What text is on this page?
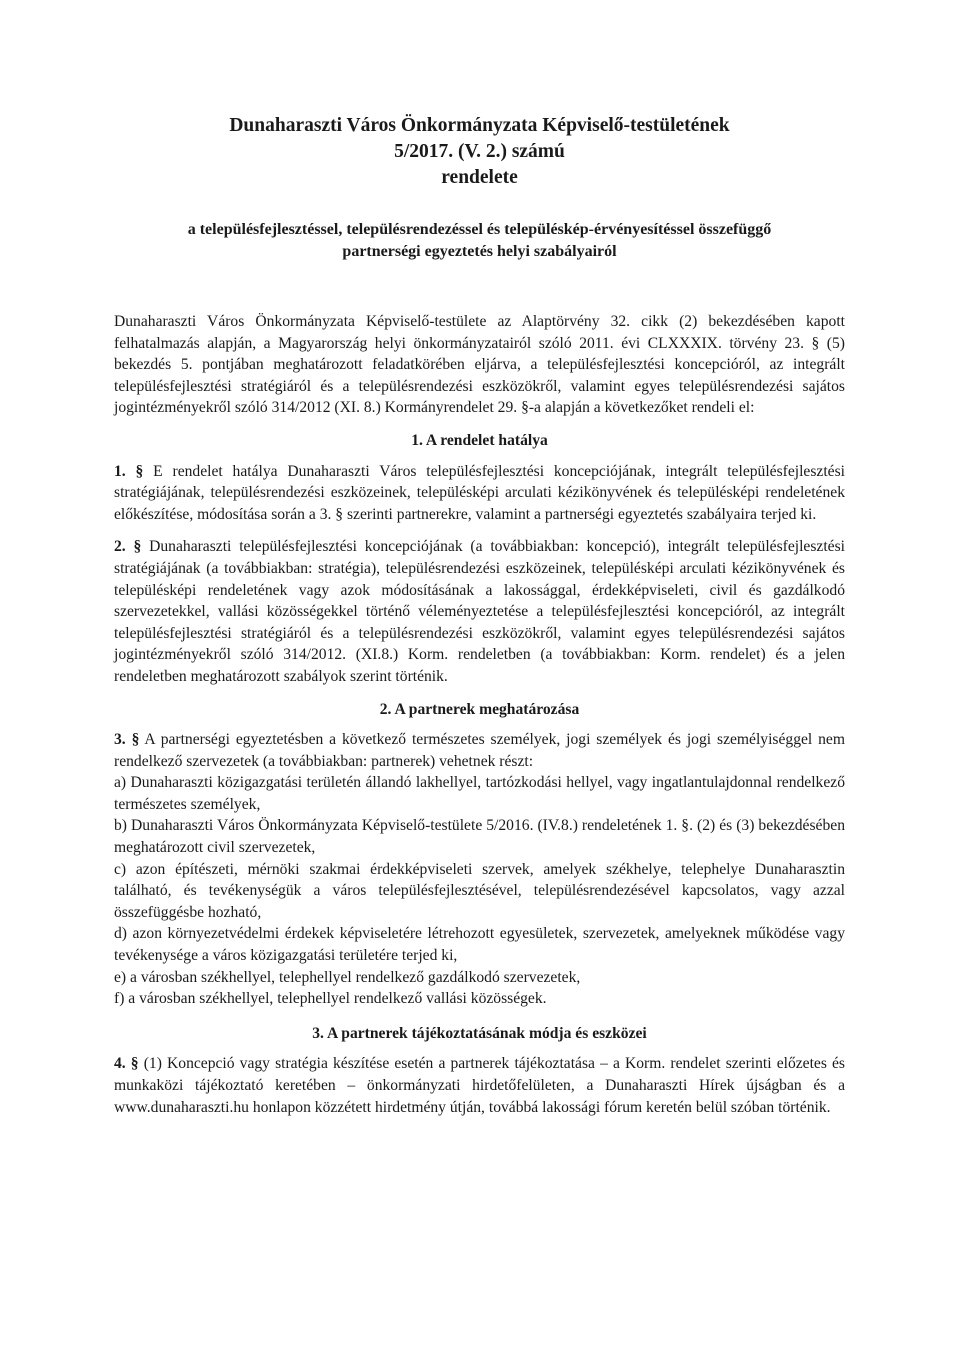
Dunaharaszti Város Önkormányzata Képviselő-testületének
5/2017. (V. 2.) számú
rendelete
a településfejlesztéssel, településrendezéssel és településkép-érvényesítéssel összefüggő
partnerségi egyeztetés helyi szabályairól

Dunaharaszti Város Önkormányzata Képviselő-testülete az Alaptörvény 32. cikk (2) bekezdésében kapott felhatalmazás alapján, a Magyarország helyi önkormányzatairól szóló 2011. évi CLXXXIX. törvény 23. § (5) bekezdés 5. pontjában meghatározott feladatkörében eljárva, a településfejlesztési koncepcióról, az integrált településfejlesztési stratégiáról és a településrendezési eszközökről, valamint egyes településrendezési sajátos jogintézményekről szóló 314/2012 (XI. 8.) Kormányrendelet 29. §-a alapján a következőket rendeli el:

1. A rendelet hatálya

1. § E rendelet hatálya Dunaharaszti Város településfejlesztési koncepciójának, integrált településfejlesztési stratégiájának, településrendezési eszközeinek, településképi arculati kézikönyvének és településképi rendeletének előkészítése, módosítása során a 3. § szerinti partnerekre, valamint a partnerségi egyeztetés szabályaira terjed ki.

2. § Dunaharaszti településfejlesztési koncepciójának (a továbbiakban: koncepció), integrált településfejlesztési stratégiájának (a továbbiakban: stratégia), településrendezési eszközeinek, településképi arculati kézikönyvének és településképi rendeletének vagy azok módosításának a lakossággal, érdekképviseleti, civil és gazdálkodó szervezetekkel, vallási közösségekkel történő véleményeztetése a településfejlesztési koncepcióról, az integrált településfejlesztési stratégiáról és a településrendezési eszközökről, valamint egyes településrendezési sajátos jogintézményekről szóló 314/2012. (XI.8.) Korm. rendeletben (a továbbiakban: Korm. rendelet) és a jelen rendeletben meghatározott szabályok szerint történik.

2. A partnerek meghatározása

3. § A partnerségi egyeztetésben a következő természetes személyek, jogi személyek és jogi személyiséggel nem rendelkező szervezetek (a továbbiakban: partnerek) vehetnek részt:

a) Dunaharaszti közigazgatási területén állandó lakhellyel, tartózkodási hellyel, vagy ingatlantulajdonnal rendelkező természetes személyek,

b) Dunaharaszti Város Önkormányzata Képviselő-testülete 5/2016. (IV.8.) rendeletének 1. §. (2) és (3) bekezdésében meghatározott civil szervezetek,

c) azon építészeti, mérnöki szakmai érdekképviseleti szervek, amelyek székhelye, telephelye Dunaharasztin található, és tevékenységük a város településfejlesztésével, településrendezésével kapcsolatos, vagy azzal összefüggésbe hozható,

d) azon környezetvédelmi érdekek képviseletére létrehozott egyesületek, szervezetek, amelyeknek működése vagy tevékenysége a város közigazgatási területére terjed ki,

e) a városban székhellyel, telephellyel rendelkező gazdálkodó szervezetek,

f) a városban székhellyel, telephellyel rendelkező vallási közösségek.

3. A partnerek tájékoztatásának módja és eszközei

4. § (1) Koncepció vagy stratégia készítése esetén a partnerek tájékoztatása – a Korm. rendelet szerinti előzetes és munkaközi tájékoztató keretében – önkormányzati hirdetőfelületen, a Dunaharaszti Hírek újságban és a www.dunaharaszti.hu honlapon közzétett hirdetmény útján, továbbá lakossági fórum keretén belül szóban történik.
